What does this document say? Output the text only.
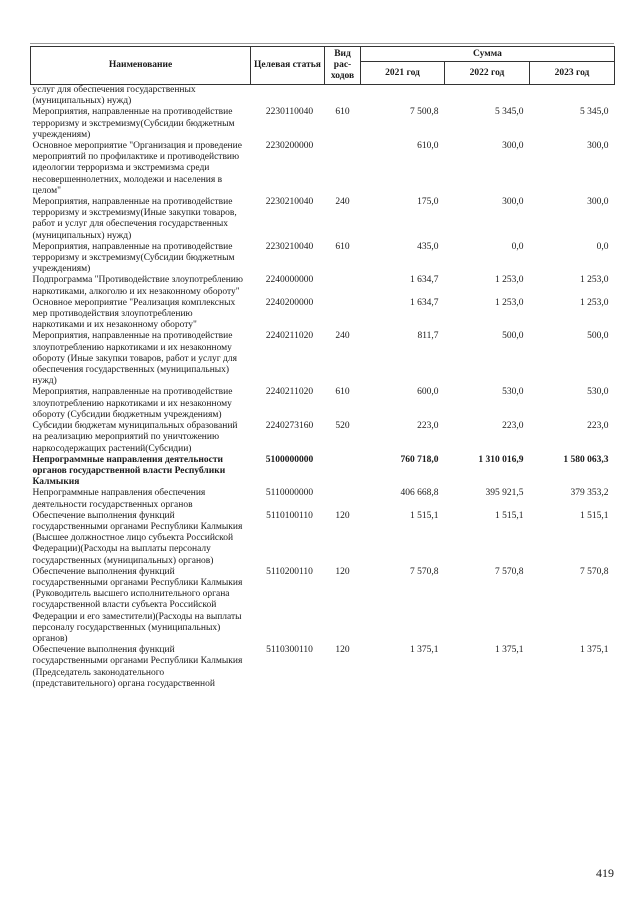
Наименование	Целевая статья	Вид рас-ходов	Сумма		
			2021 год	2022 год	2023 год
услуг для обеспечения государственных (муниципальных) нужд)					
Мероприятия, направленные на противодействие терроризму и экстремизму(Субсидии бюджетным учреждениям)	2230110040	610	7 500,8	5 345,0	5 345,0
Основное мероприятие "Организация и проведение мероприятий по профилактике и противодействию идеологии терроризма и экстремизма среди несовершеннолетних, молодежи и населения в целом"	2230200000		610,0	300,0	300,0
Мероприятия, направленные на противодействие терроризму и экстремизму(Иные закупки товаров, работ и услуг для обеспечения государственных (муниципальных) нужд)	2230210040	240	175,0	300,0	300,0
Мероприятия, направленные на противодействие терроризму и экстремизму(Субсидии бюджетным учреждениям)	2230210040	610	435,0	0,0	0,0
Подпрограмма "Противодействие злоупотреблению наркотиками, алкоголю и их незаконному обороту"	2240000000		1 634,7	1 253,0	1 253,0
Основное мероприятие "Реализация комплексных мер противодействия злоупотреблению наркотиками и их незаконному обороту"	2240200000		1 634,7	1 253,0	1 253,0
Мероприятия, направленные на противодействие злоупотреблению наркотиками и их незаконному обороту (Иные закупки товаров, работ и услуг для обеспечения государственных (муниципальных) нужд)	2240211020	240	811,7	500,0	500,0
Мероприятия, направленные на противодействие злоупотреблению наркотиками и их незаконному обороту (Субсидии бюджетным учреждениям)	2240211020	610	600,0	530,0	530,0
Субсидии бюджетам муниципальных образований на реализацию мероприятий по уничтожению наркосодержащих растений(Субсидии)	2240273160	520	223,0	223,0	223,0
Непрограммные направления деятельности органов государственной власти Республики Калмыкия	5100000000		760 718,0	1 310 016,9	1 580 063,3
Непрограммные направления обеспечения деятельности государственных органов	5110000000		406 668,8	395 921,5	379 353,2
Обеспечение выполнения функций государственными органами Республики Калмыкия (Высшее должностное лицо субъекта Российской Федерации)(Расходы на выплаты персоналу государственных (муниципальных) органов)	5110100110	120	1 515,1	1 515,1	1 515,1
Обеспечение выполнения функций государственными органами Республики Калмыкия (Руководитель высшего исполнительного органа государственной власти субъекта Российской Федерации и его заместители)(Расходы на выплаты персоналу государственных (муниципальных) органов)	5110200110	120	7 570,8	7 570,8	7 570,8
Обеспечение выполнения функций государственными органами Республики Калмыкия (Председатель законодательного (представительного) органа государственной	5110300110	120	1 375,1	1 375,1	1 375,1
419
